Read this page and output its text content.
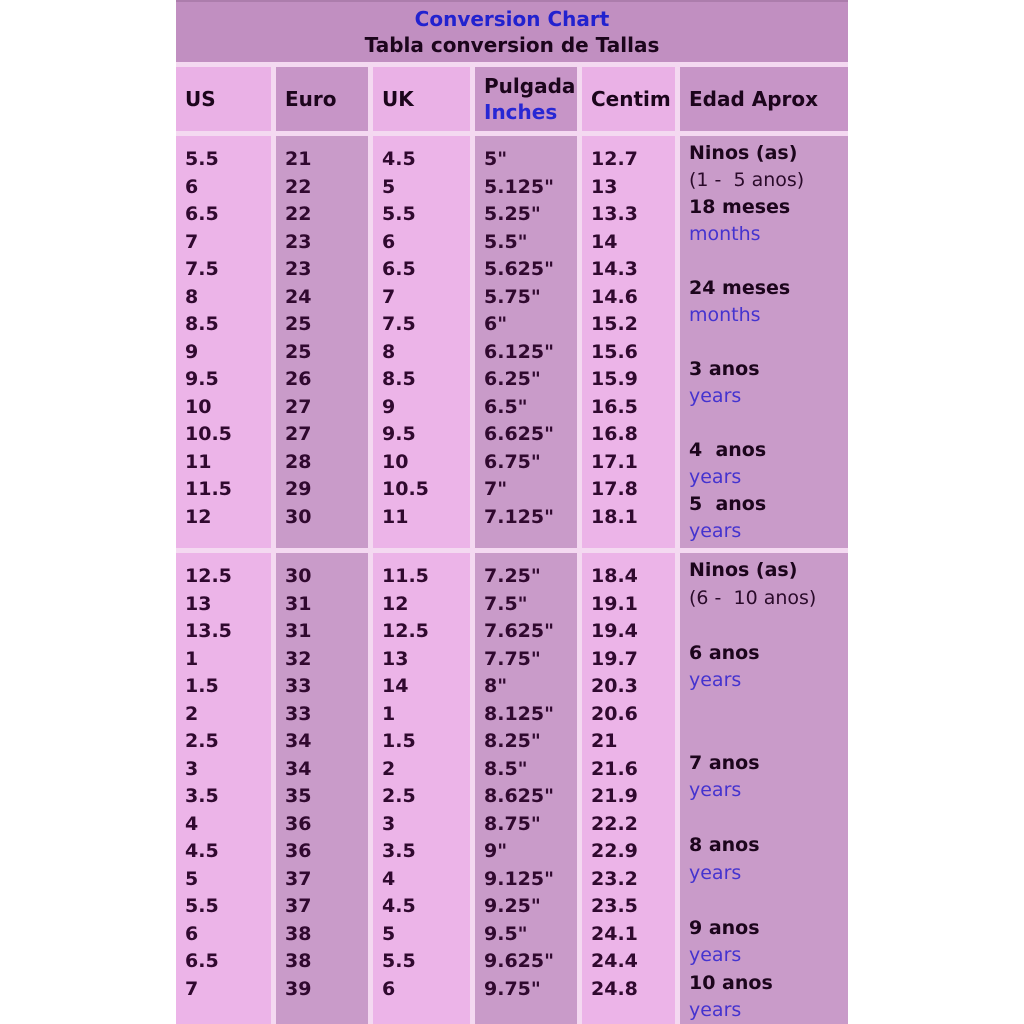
Conversion Chart
Tabla conversion de Tallas
US	Euro UK
Pulgada
Inches
Centim Edad Aprox
5.5
6
6.5
7
7.5
8
8.5
9
9.5
10
10.5
11
11.5
12
21
22
22
23
23
24
25
25
26
27
27
28
29
30
4.5
5
5.5
6
6.5
7
7.5
8
8.5
9
9.5
10
10.5
11
5"
5.125"
5.25"
5.5"
5.625"
5.75"
6"
6.125"
6.25"
6.5"
6.625"
6.75"
7"
7.125"
12.7
13
13.3
14
14.3
14.6
15.2
15.6
15.9
16.5
16.8
17.1
17.8
18.1
Ninos (as)
(1 -  5 anos)
18 meses
months
24 meses
months
3 anos
years
4  anos
years
5  anos
years
12.5
13
13.5
1
1.5
2
2.5
3
3.5
4
4.5
5
5.5
6
6.5
7
30
31
31
32
33
33
34
34
35
36
36
37
37
38
38
39
11.5
12
12.5
13
14
1
1.5
2
2.5
3
3.5
4
4.5
5
5.5
6
7.25"
7.5"
7.625"
7.75"
8"
8.125"
8.25"
8.5"
8.625"
8.75"
9"
9.125"
9.25"
9.5"
9.625"
9.75"
18.4
19.1
19.4
19.7
20.3
20.6
21
21.6
21.9
22.2
22.9
23.2
23.5
24.1
24.4
24.8
Ninos (as)
(6 -  10 anos)
6 anos
years
7 anos
years
8 anos
years
9 anos
years
10 anos
years
